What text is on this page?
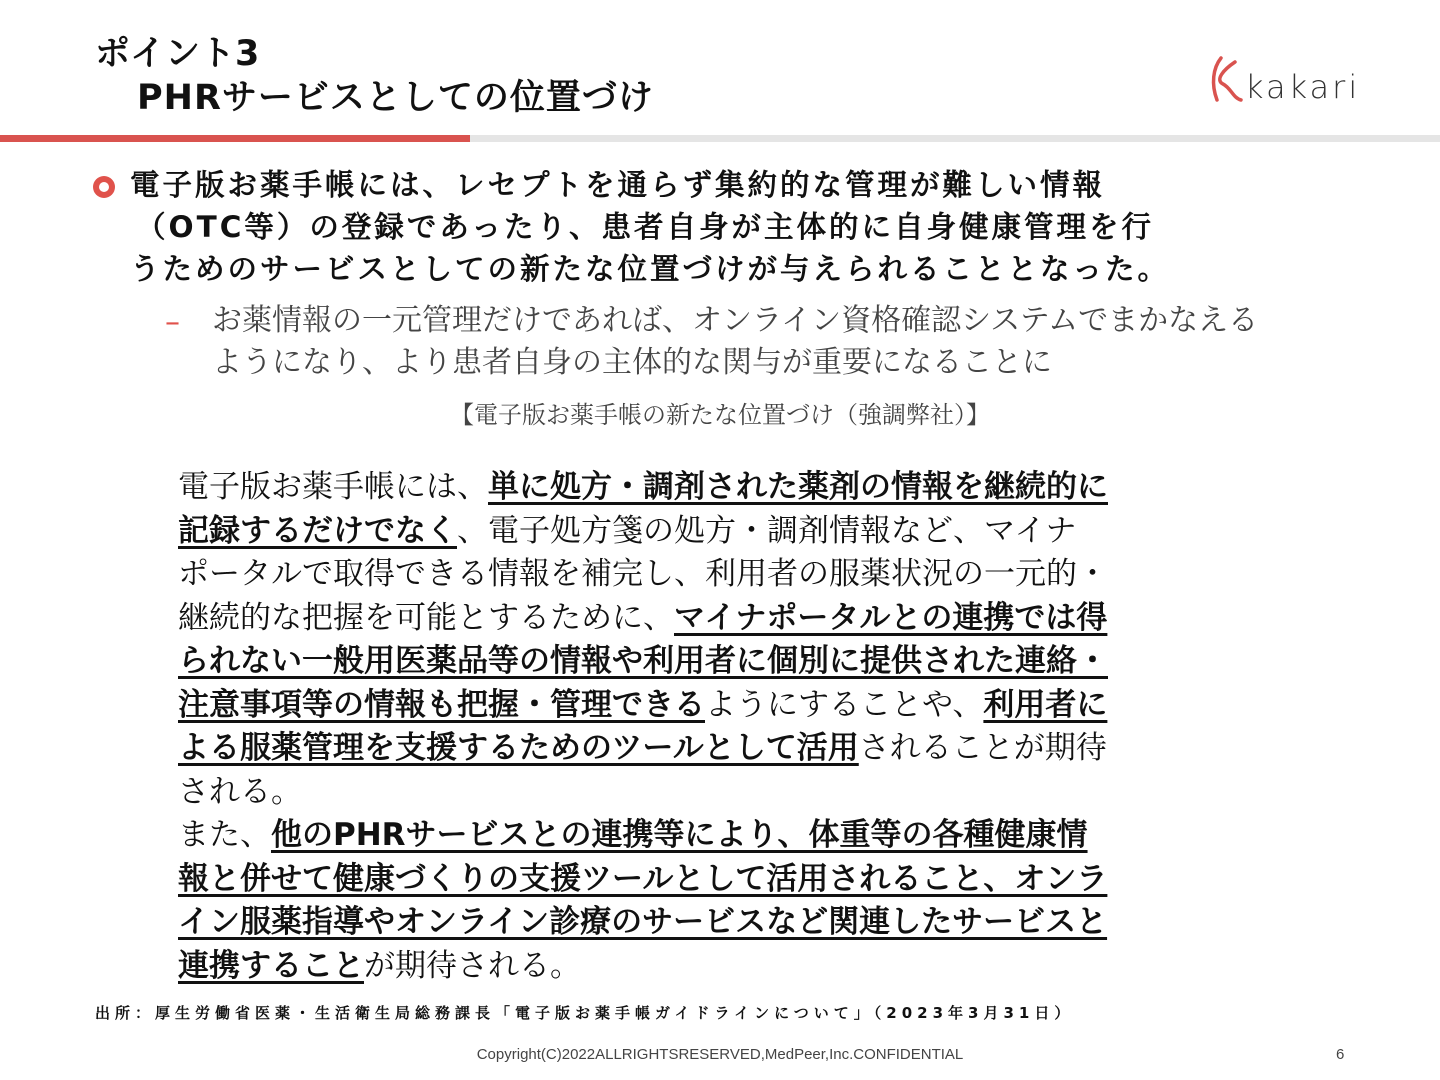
ポイント3
PHRサービスとしての位置づけ	kakari

電子版お薬手帳には、レセプトを通らず集約的な管理が難しい情報
（OTC等）の登録であったり、患者自身が主体的に自身健康管理を行
うためのサービスとしての新たな位置づけが与えられることとなった。

– お薬情報の一元管理だけであれば、オンライン資格確認システムでまかなえる
ようになり、より患者自身の主体的な関与が重要になることに

【電子版お薬手帳の新たな位置づけ（強調弊社）】
電子版お薬手帳には、単に処方・調剤された薬剤の情報を継続的に
記録するだけでなく、電子処方箋の処方・調剤情報など、マイナ
ポータルで取得できる情報を補完し、利用者の服薬状況の一元的・
継続的な把握を可能とするために、マイナポータルとの連携では得
られない一般用医薬品等の情報や利用者に個別に提供された連絡・
注意事項等の情報も把握・管理できるようにすることや、利用者に
よる服薬管理を支援するためのツールとして活用されることが期待
される。
また、他のPHRサービスとの連携等により、体重等の各種健康情
報と併せて健康づくりの支援ツールとして活用されること、オンラ
イン服薬指導やオンライン診療のサービスなど関連したサービスと
連携することが期待される。

出所：厚生労働省医薬・生活衛生局総務課長「電子版お薬手帳ガイドラインについて」（2023年3月31日）

Copyright(C)2022ALLRIGHTSRESERVED,MedPeer,Inc.CONFIDENTIAL	6
